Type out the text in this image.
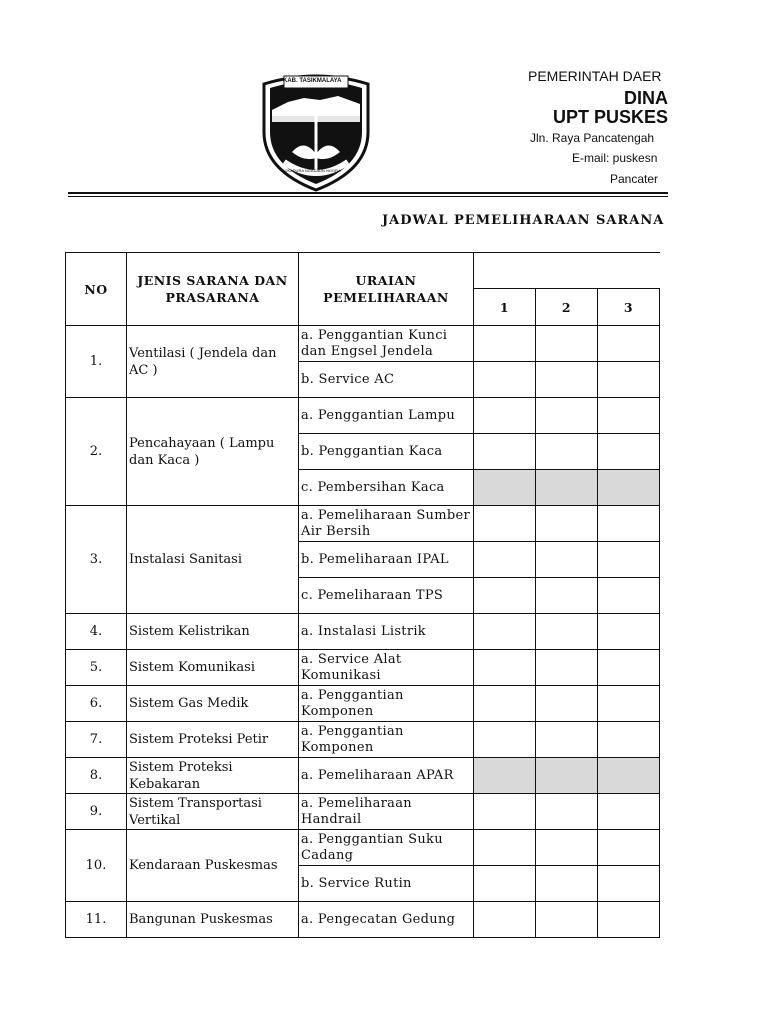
KAB. TASIKMALAYA
SUKAPURA NGADAUN NGORA
PEMERINTAH DAER
DINA
UPT PUSKES
Jln. Raya Pancatengah
E-mail: puskesn
Pancater
JADWAL PEMELIHARAAN SARANA
NO	JENIS SARANA DAN PRASARANA	URAIAN PEMELIHARAAN			
			1	2	3
1.	Ventilasi ( Jendela dan AC )	a. Penggantian Kunci dan Engsel Jendela			
		b. Service AC			
2.	Pencahayaan ( Lampu dan Kaca )	a. Penggantian Lampu			
		b. Penggantian Kaca			
		c. Pembersihan Kaca			
3.	Instalasi Sanitasi	a. Pemeliharaan Sumber Air Bersih			
		b. Pemeliharaan IPAL			
		c. Pemeliharaan TPS			
4.	Sistem Kelistrikan	a. Instalasi Listrik			
5.	Sistem Komunikasi	a. Service Alat Komunikasi			
6.	Sistem Gas Medik	a. Penggantian Komponen			
7.	Sistem Proteksi Petir	a. Penggantian Komponen			
8.	Sistem Proteksi Kebakaran	a. Pemeliharaan APAR			
9.	Sistem Transportasi Vertikal	a. Pemeliharaan Handrail			
10.	Kendaraan Puskesmas	a. Penggantian Suku Cadang			
		b. Service Rutin			
11.	Bangunan Puskesmas	a. Pengecatan Gedung			
